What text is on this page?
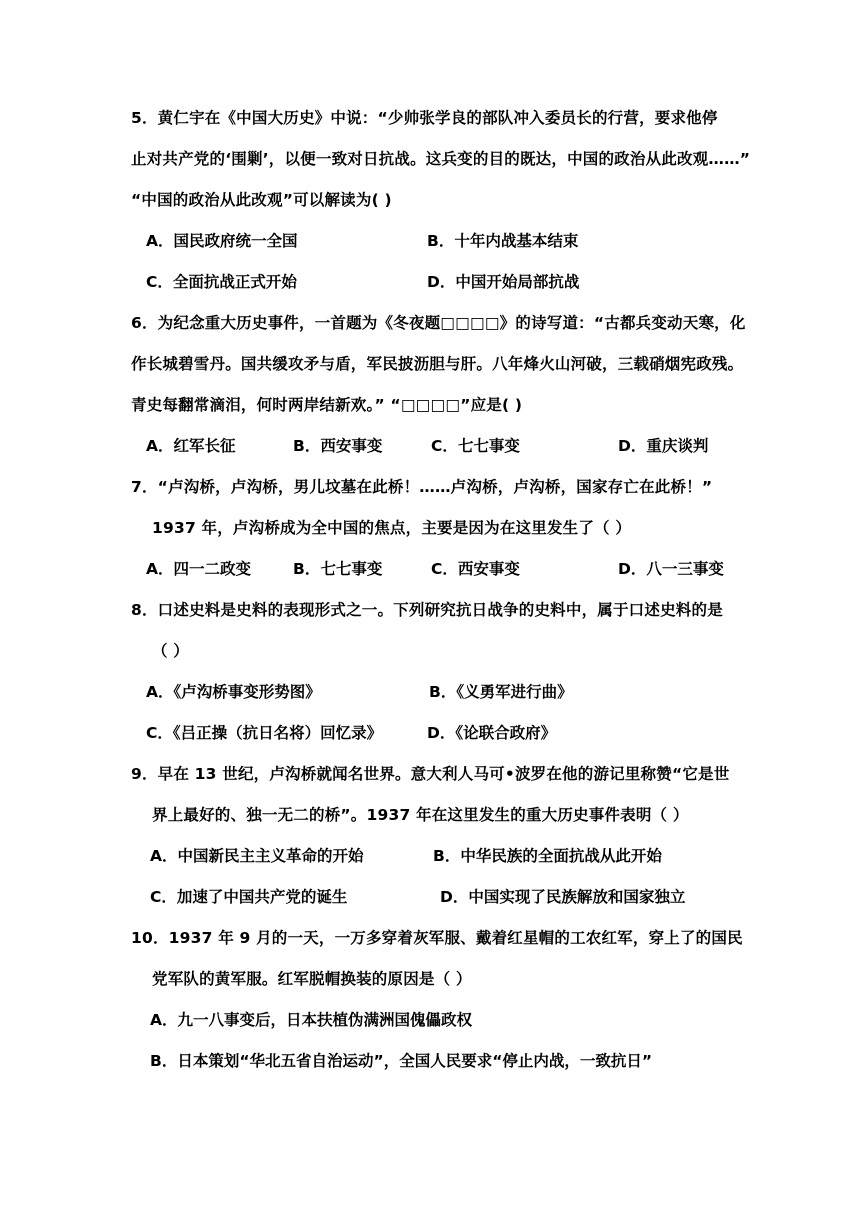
5．黄仁宇在《中国大历史》中说：“少帅张学良的部队冲入委员长的行营，要求他停
止对共产党的‘围剿’，以便一致对日抗战。这兵变的目的既达，中国的政治从此改观……”
“中国的政治从此改观”可以解读为( )
A．国民政府统一全国	B．十年内战基本结束
C．全面抗战正式开始	D．中国开始局部抗战
6．为纪念重大历史事件，一首题为《冬夜题□□□□》的诗写道：“古都兵变动天寒，化
作长城碧雪丹。国共缓攻矛与盾，军民披沥胆与肝。八年烽火山河破，三载硝烟宪政残。
青史每翻常滴泪，何时两岸结新欢。” “□□□□”应是( )
A．红军长征	B．西安事变	C．七七事变	D．重庆谈判
7．“卢沟桥，卢沟桥，男儿坟墓在此桥！……卢沟桥，卢沟桥，国家存亡在此桥！”
1937 年，卢沟桥成为全中国的焦点，主要是因为在这里发生了（ ）
A．四一二政变	B．七七事变	C．西安事变	D．八一三事变
8．口述史料是史料的表现形式之一。下列研究抗日战争的史料中，属于口述史料的是
（ ）
A．《卢沟桥事变形势图》	B．《义勇军进行曲》
C．《吕正操（抗日名将）回忆录》	D．《论联合政府》
9．早在 13 世纪，卢沟桥就闻名世界。意大利人马可•波罗在他的游记里称赞“它是世
界上最好的、独一无二的桥”。1937 年在这里发生的重大历史事件表明（ ）
A．中国新民主主义革命的开始	B．中华民族的全面抗战从此开始
C．加速了中国共产党的诞生	D．中国实现了民族解放和国家独立
10．1937 年 9 月的一天，一万多穿着灰军服、戴着红星帽的工农红军，穿上了的国民
党军队的黄军服。红军脱帽换装的原因是（ ）
A．九一八事变后，日本扶植伪满洲国傀儡政权
B．日本策划“华北五省自治运动”，全国人民要求“停止内战，一致抗日”
